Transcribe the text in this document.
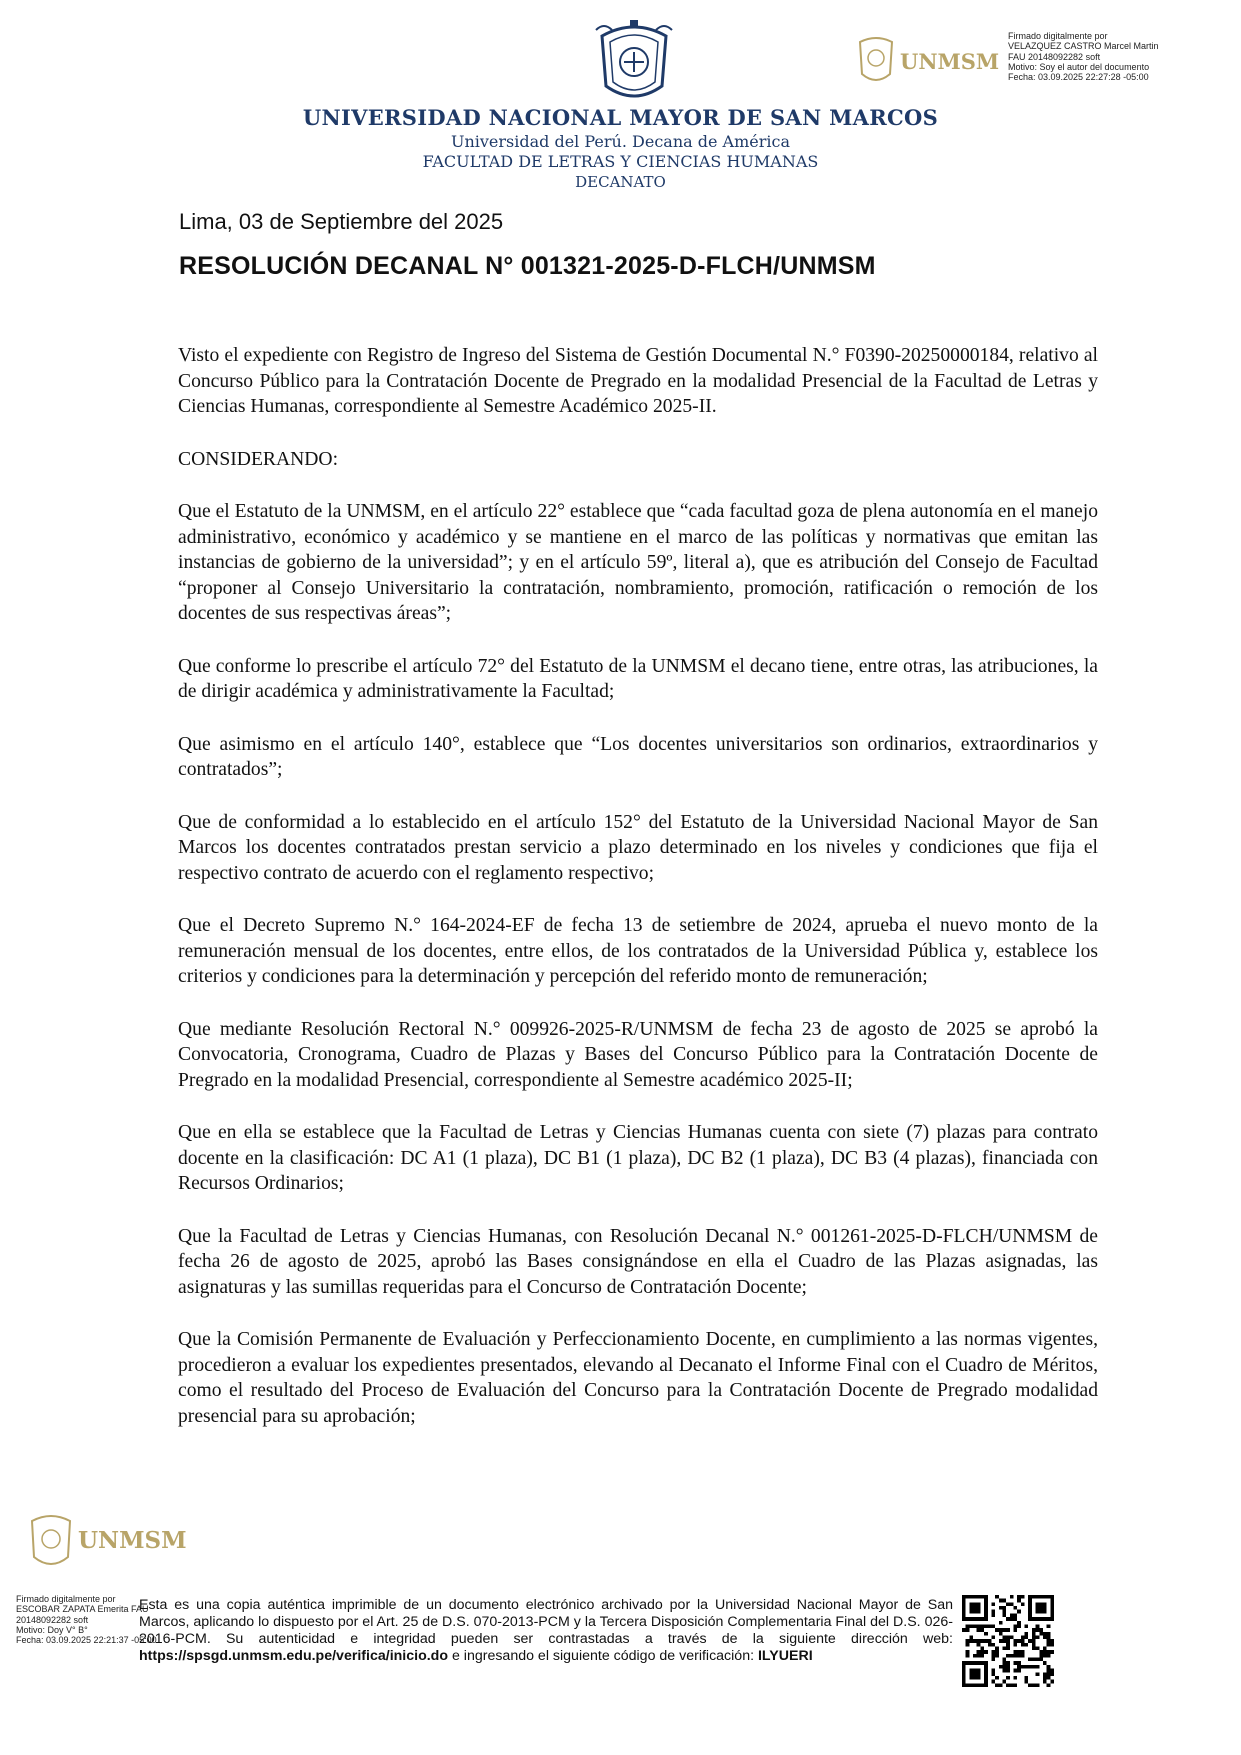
UNIVERSIDAD NACIONAL MAYOR DE SAN MARCOS
Universidad del Perú. Decana de América
FACULTAD DE LETRAS Y CIENCIAS HUMANAS
DECANATO
UNMSM
Firmado digitalmente por
VELAZQUEZ CASTRO Marcel Martin
FAU 20148092282 soft
Motivo: Soy el autor del documento
Fecha: 03.09.2025 22:27:28 -05:00
Lima, 03 de Septiembre del 2025
RESOLUCIÓN DECANAL N° 001321-2025-D-FLCH/UNMSM

Visto el expediente con Registro de Ingreso del Sistema de Gestión Documental N.° F0390-20250000184, relativo al Concurso Público para la Contratación Docente de Pregrado en la modalidad Presencial de la Facultad de Letras y Ciencias Humanas, correspondiente al Semestre Académico 2025-II.

CONSIDERANDO:

Que el Estatuto de la UNMSM, en el artículo 22° establece que “cada facultad goza de plena autonomía en el manejo administrativo, económico y académico y se mantiene en el marco de las políticas y normativas que emitan las instancias de gobierno de la universidad”; y en el artículo 59º, literal a), que es atribución del Consejo de Facultad “proponer al Consejo Universitario la contratación, nombramiento, promoción, ratificación o remoción de los docentes de sus respectivas áreas”;

Que conforme lo prescribe el artículo 72° del Estatuto de la UNMSM el decano tiene, entre otras, las atribuciones, la de dirigir académica y administrativamente la Facultad;

Que asimismo en el artículo 140°, establece que “Los docentes universitarios son ordinarios, extraordinarios y contratados”;

Que de conformidad a lo establecido en el artículo 152° del Estatuto de la Universidad Nacional Mayor de San Marcos los docentes contratados prestan servicio a plazo determinado en los niveles y condiciones que fija el respectivo contrato de acuerdo con el reglamento respectivo;

Que el Decreto Supremo N.° 164-2024-EF de fecha 13 de setiembre de 2024, aprueba el nuevo monto de la remuneración mensual de los docentes, entre ellos, de los contratados de la Universidad Pública y, establece los criterios y condiciones para la determinación y percepción del referido monto de remuneración;

Que mediante Resolución Rectoral N.° 009926-2025-R/UNMSM de fecha 23 de agosto de 2025 se aprobó la Convocatoria, Cronograma, Cuadro de Plazas y Bases del Concurso Público para la Contratación Docente de Pregrado en la modalidad Presencial, correspondiente al Semestre académico 2025-II;

Que en ella se establece que la Facultad de Letras y Ciencias Humanas cuenta con siete (7) plazas para contrato docente en la clasificación: DC A1 (1 plaza), DC B1 (1 plaza), DC B2 (1 plaza), DC B3 (4 plazas), financiada con Recursos Ordinarios;

Que la Facultad de Letras y Ciencias Humanas, con Resolución Decanal N.° 001261-2025-D-FLCH/UNMSM de fecha 26 de agosto de 2025, aprobó las Bases consignándose en ella el Cuadro de las Plazas asignadas, las asignaturas y las sumillas requeridas para el Concurso de Contratación Docente;

Que la Comisión Permanente de Evaluación y Perfeccionamiento Docente, en cumplimiento a las normas vigentes, procedieron a evaluar los expedientes presentados, elevando al Decanato el Informe Final con el Cuadro de Méritos, como el resultado del Proceso de Evaluación del Concurso para la Contratación Docente de Pregrado modalidad presencial para su aprobación;

UNMSM
Firmado digitalmente por
ESCOBAR ZAPATA Emerita FAU
20148092282 soft
Motivo: Doy V° B°
Fecha: 03.09.2025 22:21:37 -05:00
Esta es una copia auténtica imprimible de un documento electrónico archivado por la Universidad Nacional Mayor de San Marcos, aplicando lo dispuesto por el Art. 25 de D.S. 070-2013-PCM y la Tercera Disposición Complementaria Final del D.S. 026- 2016-PCM. Su autenticidad e integridad pueden ser contrastadas a través de la siguiente dirección web: https://spsgd.unmsm.edu.pe/verifica/inicio.do e ingresando el siguiente código de verificación: ILYUERI
